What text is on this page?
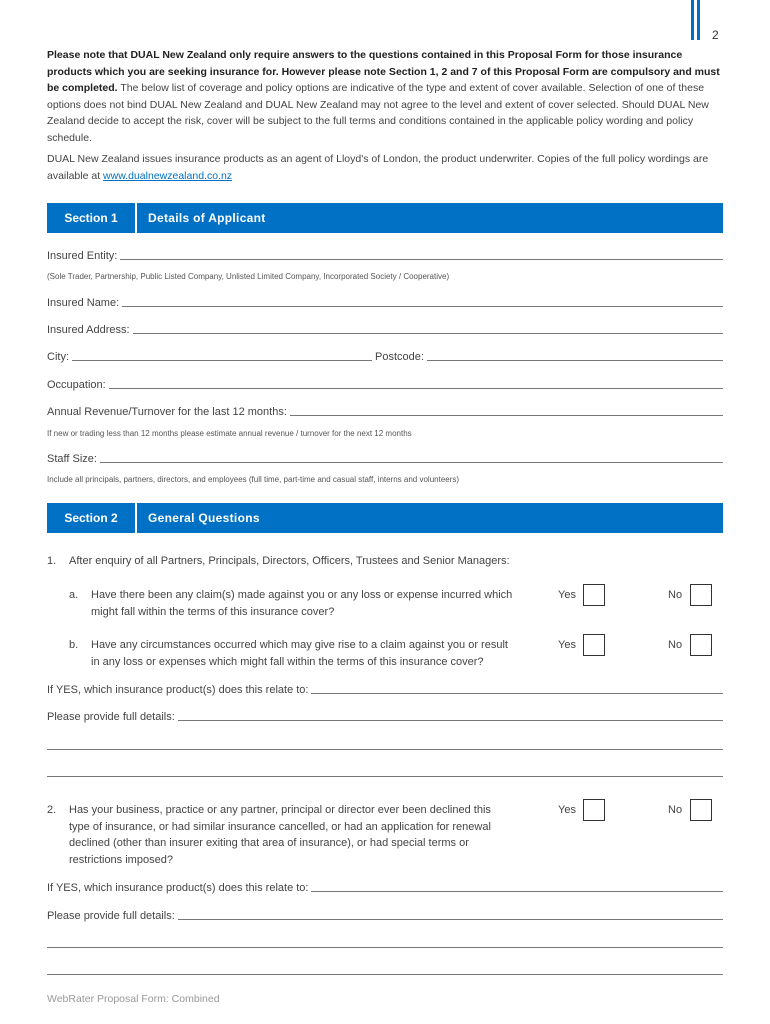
2

Please note that DUAL New Zealand only require answers to the questions contained in this Proposal Form for those insurance products which you are seeking insurance for. However please note Section 1, 2 and 7 of this Proposal Form are compulsory and must be completed. The below list of coverage and policy options are indicative of the type and extent of cover available. Selection of one of these options does not bind DUAL New Zealand and DUAL New Zealand may not agree to the level and extent of cover selected. Should DUAL New Zealand decide to accept the risk, cover will be subject to the full terms and conditions contained in the applicable policy wording and policy schedule.

DUAL New Zealand issues insurance products as an agent of Lloyd's of London, the product underwriter. Copies of the full policy wordings are available at www.dualnewzealand.co.nz

Section 1	Details of Applicant
Insured Entity:
(Sole Trader, Partnership, Public Listed Company, Unlisted Limited Company, Incorporated Society / Cooperative)
Insured Name:
Insured Address:
City:	Postcode:
Occupation:
Annual Revenue/Turnover for the last 12 months:
If new or trading less than 12 months please estimate annual revenue / turnover for the next 12 months
Staff Size:
Include all principals, partners, directors, and employees (full time, part-time and casual staff, interns and volunteers)
Section 2	General Questions
1. After enquiry of all Partners, Principals, Directors, Officers, Trustees and Senior Managers:
a. Have there been any claim(s) made against you or any loss or expense incurred which
might fall within the terms of this insurance cover?
Yes	No
b. Have any circumstances occurred which may give rise to a claim against you or result
in any loss or expenses which might fall within the terms of this insurance cover?
Yes	No
If YES, which insurance product(s) does this relate to:
Please provide full details:
2. Has your business, practice or any partner, principal or director ever been declined this
type of insurance, or had similar insurance cancelled, or had an application for renewal
declined (other than insurer exiting that area of insurance), or had special terms or
restrictions imposed?
Yes	No
If YES, which insurance product(s) does this relate to:
Please provide full details:
WebRater Proposal Form: Combined
